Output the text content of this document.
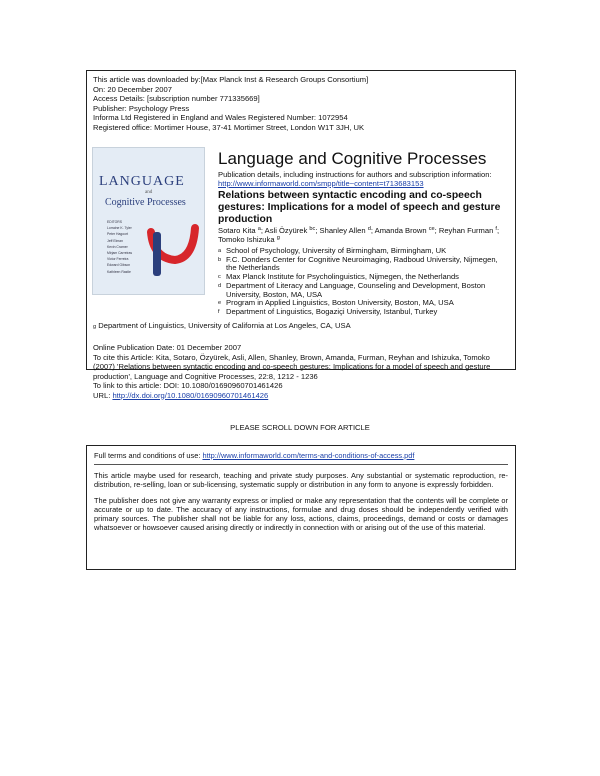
This article was downloaded by:[Max Planck Inst & Research Groups Consortium]
On: 20 December 2007
Access Details: [subscription number 771335669]
Publisher: Psychology Press
Informa Ltd Registered in England and Wales Registered Number: 1072954
Registered office: Mortimer House, 37-41 Mortimer Street, London W1T 3JH, UK
LANGUAGE
and
Cognitive Processes
EDITORS
Lorraine K. Tyler
Peter Hagoort
Jeff Elman
Kevin Cramer
Mirjam Carreiras
Victor Ferreira
Edward Gibson
Kathleen Rastle
Language and Cognitive Processes
Publication details, including instructions for authors and subscription information:
http://www.informaworld.com/smpp/title~content=t713683153
Relations between syntactic encoding and co-speech gestures: Implications for a model of speech and gesture production
Sotaro Kita $^a$; Asli Özyürek $^{bc}$; Shanley Allen $^d$; Amanda Brown $^{ce}$; Reyhan Furman $^f$; Tomoko Ishizuka $^g$
a School of Psychology, University of Birmingham, Birmingham, UK
b F.C. Donders Center for Cognitive Neuroimaging, Radboud University, Nijmegen, the Netherlands
c Max Planck Institute for Psycholinguistics, Nijmegen, the Netherlands
d Department of Literacy and Language, Counseling and Development, Boston University, Boston, MA, USA
e Program in Applied Linguistics, Boston University, Boston, MA, USA
f Department of Linguistics, Bogaziçi University, Istanbul, Turkey
g Department of Linguistics, University of California at Los Angeles, CA, USA
Online Publication Date: 01 December 2007
To cite this Article: Kita, Sotaro, Özyürek, Asli, Allen, Shanley, Brown, Amanda, Furman, Reyhan and Ishizuka, Tomoko (2007) 'Relations between syntactic encoding and co-speech gestures: Implications for a model of speech and gesture production', Language and Cognitive Processes, 22:8, 1212 - 1236
To link to this article: DOI: 10.1080/01690960701461426
URL: http://dx.doi.org/10.1080/01690960701461426
PLEASE SCROLL DOWN FOR ARTICLE
Full terms and conditions of use: http://www.informaworld.com/terms-and-conditions-of-access.pdf

This article maybe used for research, teaching and private study purposes. Any substantial or systematic reproduction, re-distribution, re-selling, loan or sub-licensing, systematic supply or distribution in any form to anyone is expressly forbidden.

The publisher does not give any warranty express or implied or make any representation that the contents will be complete or accurate or up to date. The accuracy of any instructions, formulae and drug doses should be independently verified with primary sources. The publisher shall not be liable for any loss, actions, claims, proceedings, demand or costs or damages whatsoever or howsoever caused arising directly or indirectly in connection with or arising out of the use of this material.
